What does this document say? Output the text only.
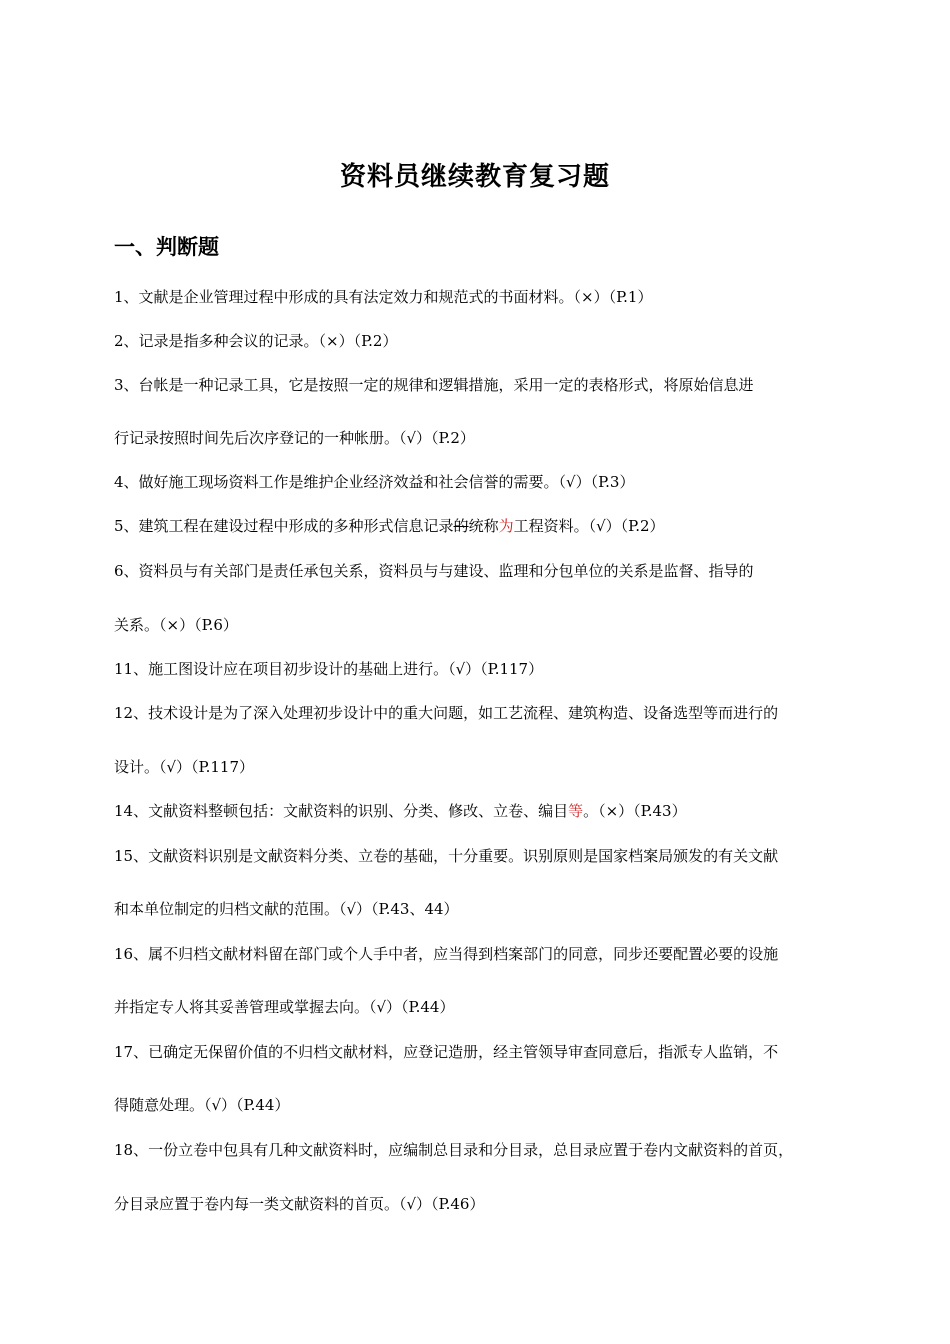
资料员继续教育复习题
一、判断题
1、文献是企业管理过程中形成的具有法定效力和规范式的书面材料。（×）（P.1）
2、记录是指多种会议的记录。（×）（P.2）
3、台帐是一种记录工具，它是按照一定的规律和逻辑措施，采用一定的表格形式，将原始信息进
行记录按照时间先后次序登记的一种帐册。（√）（P.2）
4、做好施工现场资料工作是维护企业经济效益和社会信誉的需要。（√）（P.3）
5、建筑工程在建设过程中形成的多种形式信息记录的统称为工程资料。（√）（P.2）
6、资料员与有关部门是责任承包关系，资料员与与建设、监理和分包单位的关系是监督、指导的
关系。（×）（P.6）
11、施工图设计应在项目初步设计的基础上进行。（√）（P.117）
12、技术设计是为了深入处理初步设计中的重大问题，如工艺流程、建筑构造、设备选型等而进行的
设计。（√）（P.117）
14、文献资料整顿包括：文献资料的识别、分类、修改、立卷、编目等。（×）（P.43）
15、文献资料识别是文献资料分类、立卷的基础，十分重要。识别原则是国家档案局颁发的有关文献
和本单位制定的归档文献的范围。（√）（P.43、44）
16、属不归档文献材料留在部门或个人手中者，应当得到档案部门的同意，同步还要配置必要的设施
并指定专人将其妥善管理或掌握去向。（√）（P.44）
17、已确定无保留价值的不归档文献材料，应登记造册，经主管领导审查同意后，指派专人监销，不
得随意处理。（√）（P.44）
18、一份立卷中包具有几种文献资料时，应编制总目录和分目录，总目录应置于卷内文献资料的首页，
分目录应置于卷内每一类文献资料的首页。（√）（P.46）
